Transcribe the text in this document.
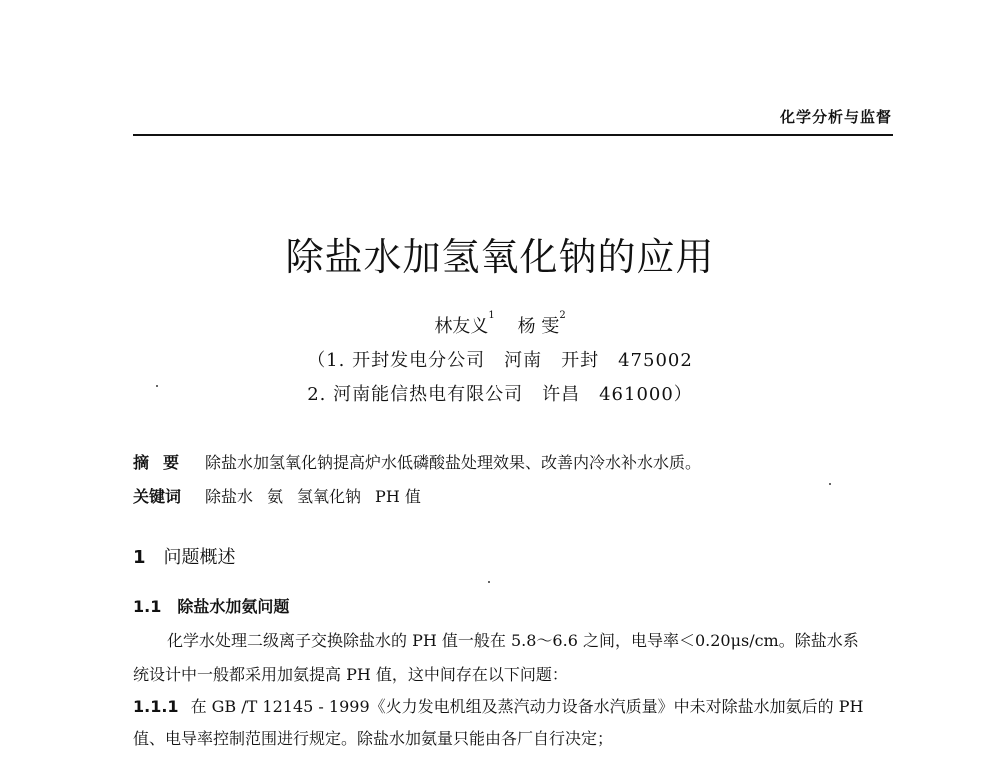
化学分析与监督
除盐水加氢氧化钠的应用
林友义$^1$    杨 雯$^2$
（1. 开封发电分公司　河南　开封　475002
2. 河南能信热电有限公司　许昌　461000）
摘要 除盐水加氢氧化钠提高炉水低磷酸盐处理效果、改善内冷水补水水质。
关键词 除盐水 氨 氢氧化钠 PH 值
1 问题概述
1.1 除盐水加氨问题
化学水处理二级离子交换除盐水的 PH 值一般在 5.8～6.6 之间，电导率＜0.20μs/cm。除盐水系
统设计中一般都采用加氨提高 PH 值，这中间存在以下问题：
1.1.1 在 GB /T 12145 - 1999《火力发电机组及蒸汽动力设备水汽质量》中未对除盐水加氨后的 PH
值、电导率控制范围进行规定。除盐水加氨量只能由各厂自行决定；
